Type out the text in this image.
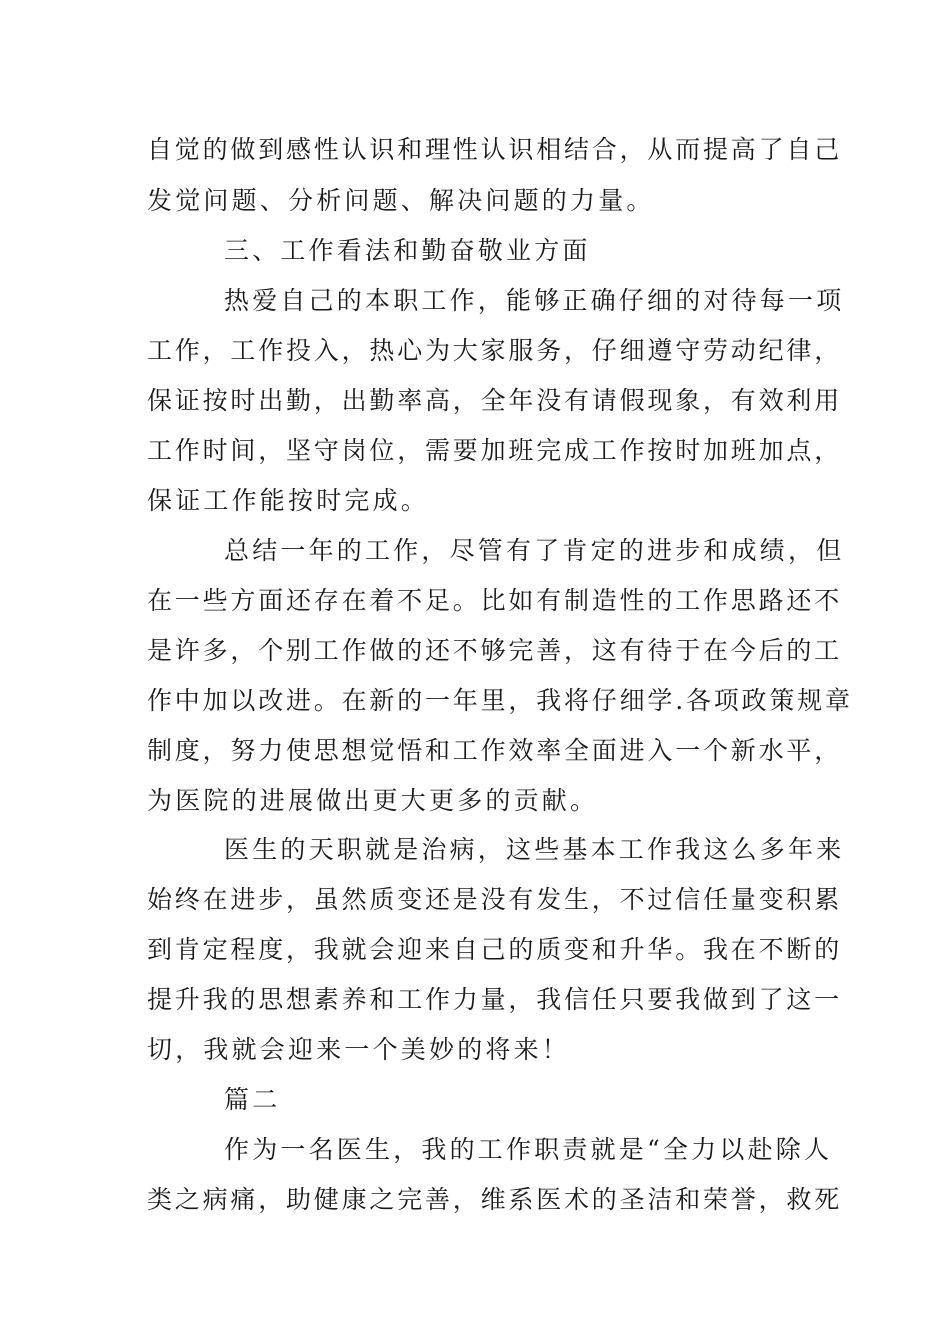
自觉的做到感性认识和理性认识相结合，从而提高了自己
发觉问题、分析问题、解决问题的力量。
三、工作看法和勤奋敬业方面
热爱自己的本职工作，能够正确仔细的对待每一项
工作，工作投入，热心为大家服务，仔细遵守劳动纪律，
保证按时出勤，出勤率高，全年没有请假现象，有效利用
工作时间，坚守岗位，需要加班完成工作按时加班加点，
保证工作能按时完成。
总结一年的工作，尽管有了肯定的进步和成绩，但
在一些方面还存在着不足。比如有制造性的工作思路还不
是许多，个别工作做的还不够完善，这有待于在今后的工
作中加以改进。在新的一年里，我将仔细学.各项政策规章
制度，努力使思想觉悟和工作效率全面进入一个新水平，
为医院的进展做出更大更多的贡献。
医生的天职就是治病，这些基本工作我这么多年来
始终在进步，虽然质变还是没有发生，不过信任量变积累
到肯定程度，我就会迎来自己的质变和升华。我在不断的
提升我的思想素养和工作力量，我信任只要我做到了这一
切，我就会迎来一个美妙的将来！
篇二
作为一名医生，我的工作职责就是“全力以赴除人
类之病痛，助健康之完善，维系医术的圣洁和荣誉，救死
